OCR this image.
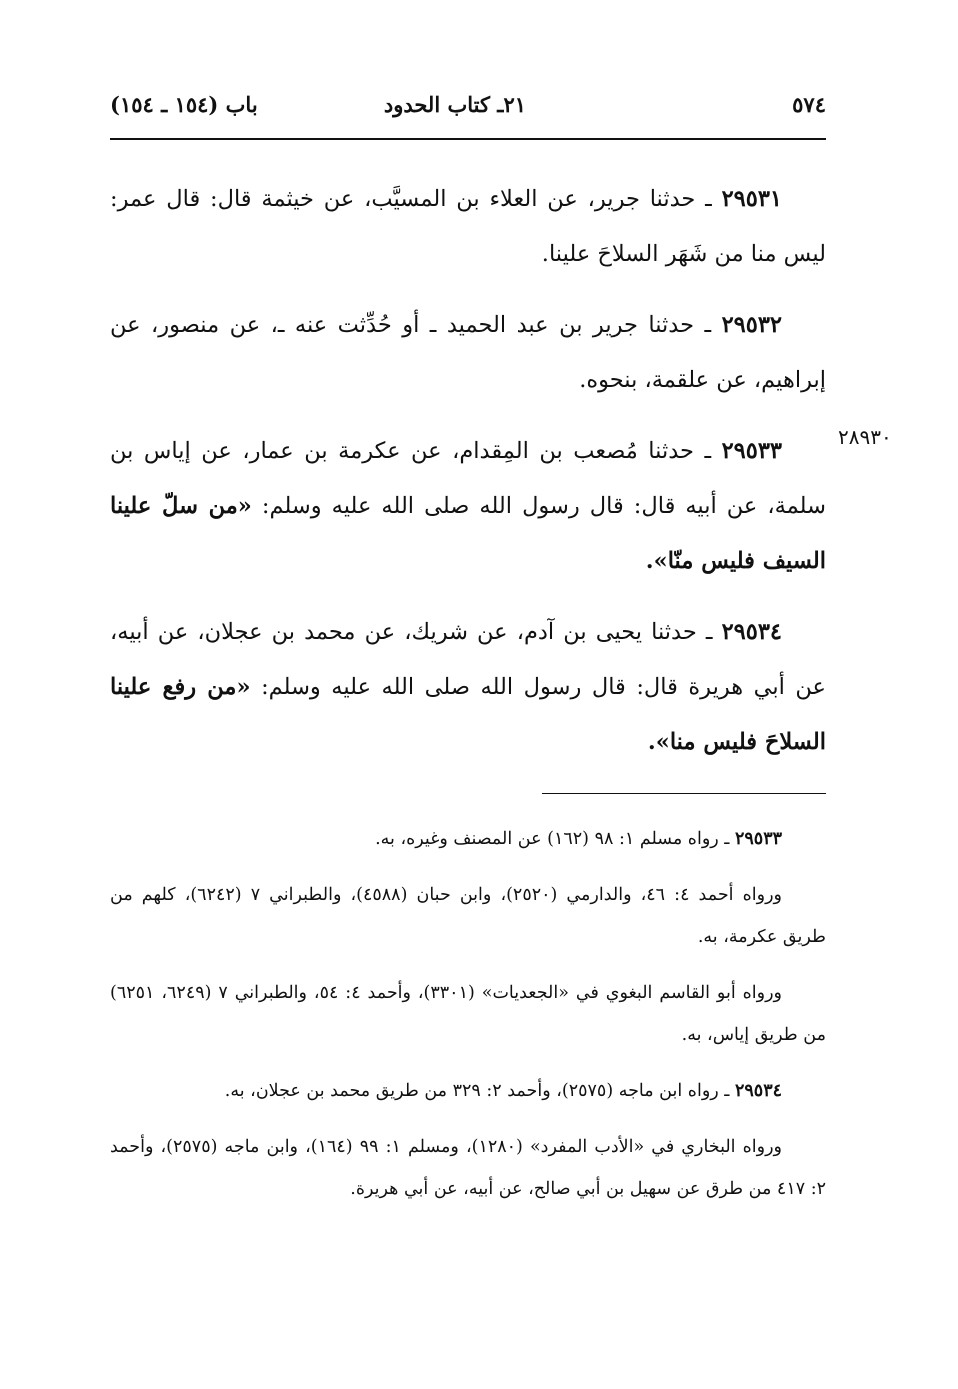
٥٧٤
٢١ـ كتاب الحدود
باب (١٥٤ ـ ١٥٤)
٢٨٩٣٠

٢٩٥٣١ ـ حدثنا جرير، عن العلاء بن المسيَّب، عن خيثمة قال: قال عمر: ليس منا من شَهَر السلاحَ علينا.

٢٩٥٣٢ ـ حدثنا جرير بن عبد الحميد ـ أو حُدِّثت عنه ـ، عن منصور، عن إبراهيم، عن علقمة، بنحوه.

٢٩٥٣٣ ـ حدثنا مُصعب بن المِقدام، عن عكرمة بن عمار، عن إياس بن سلمة، عن أبيه قال: قال رسول الله صلى الله عليه وسلم: «من سلّ علينا السيف فليس منّا».

٢٩٥٣٤ ـ حدثنا يحيى بن آدم، عن شريك، عن محمد بن عجلان، عن أبيه، عن أبي هريرة قال: قال رسول الله صلى الله عليه وسلم: «من رفع علينا السلاحَ فليس منا».

٢٩٥٣٣ ـ رواه مسلم ١: ٩٨ (١٦٢) عن المصنف وغيره، به.

ورواه أحمد ٤: ٤٦، والدارمي (٢٥٢٠)، وابن حبان (٤٥٨٨)، والطبراني ٧ (٦٢٤٢)، كلهم من طريق عكرمة، به.

ورواه أبو القاسم البغوي في «الجعديات» (٣٣٠١)، وأحمد ٤: ٥٤، والطبراني ٧ (٦٢٤٩، ٦٢٥١) من طريق إياس، به.

٢٩٥٣٤ ـ رواه ابن ماجه (٢٥٧٥)، وأحمد ٢: ٣٢٩ من طريق محمد بن عجلان، به.

ورواه البخاري في «الأدب المفرد» (١٢٨٠)، ومسلم ١: ٩٩ (١٦٤)، وابن ماجه (٢٥٧٥)، وأحمد ٢: ٤١٧ من طرق عن سهيل بن أبي صالح، عن أبيه، عن أبي هريرة.
